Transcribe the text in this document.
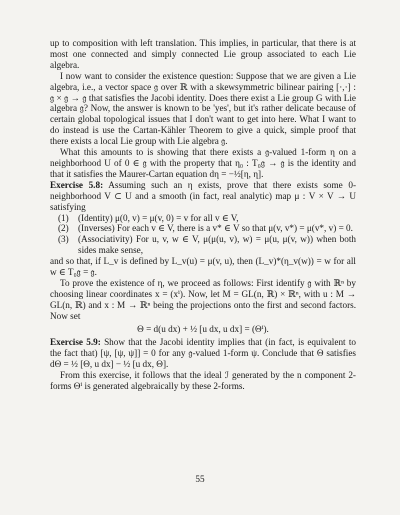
up to composition with left translation. This implies, in particular, that there is at most one connected and simply connected Lie group associated to each Lie algebra.

I now want to consider the existence question: Suppose that we are given a Lie algebra, i.e., a vector space 𝔤 over ℝ with a skewsymmetric bilinear pairing [·,·] : 𝔤 × 𝔤 → 𝔤 that satisfies the Jacobi identity. Does there exist a Lie group G with Lie algebra 𝔤? Now, the answer is known to be 'yes', but it's rather delicate because of certain global topological issues that I don't want to get into here. What I want to do instead is use the Cartan-Kähler Theorem to give a quick, simple proof that there exists a local Lie group with Lie algebra 𝔤.

What this amounts to is showing that there exists a 𝔤-valued 1-form η on a neighborhood U of 0 ∈ 𝔤 with the property that η₀ : T₀𝔤 → 𝔤 is the identity and that it satisfies the Maurer-Cartan equation dη = −½[η, η].

Exercise 5.8: Assuming such an η exists, prove that there exists some 0-neighborhood V ⊂ U and a smooth (in fact, real analytic) map μ : V × V → U satisfying

(1)	(Identity) μ(0, v) = μ(v, 0) = v for all v ∈ V,
(2)	(Inverses) For each v ∈ V, there is a v* ∈ V so that μ(v, v*) = μ(v*, v) = 0.
(3)	(Associativity) For u, v, w ∈ V, μ(μ(u, v), w) = μ(u, μ(v, w)) when both sides make sense,

and so that, if L_v is defined by L_v(u) = μ(v, u), then (L_v)*(η_v(w)) = w for all w ∈ T₀𝔤 = 𝔤.

To prove the existence of η, we proceed as follows: First identify 𝔤 with ℝⁿ by choosing linear coordinates x = (xⁱ). Now, let M = GL(n, ℝ) × ℝⁿ, with u : M → GL(n, ℝ) and x : M → ℝⁿ being the projections onto the first and second factors. Now set

Θ = d(u dx) + ½ [u dx, u dx] = (Θⁱ).

Exercise 5.9: Show that the Jacobi identity implies that (in fact, is equivalent to the fact that) [ψ, [ψ, ψ]] = 0 for any 𝔤-valued 1-form ψ. Conclude that Θ satisfies dΘ = ½ [Θ, u dx] − ½ [u dx, Θ].

From this exercise, it follows that the ideal ℐ generated by the n component 2-forms Θⁱ is generated algebraically by these 2-forms.

55
